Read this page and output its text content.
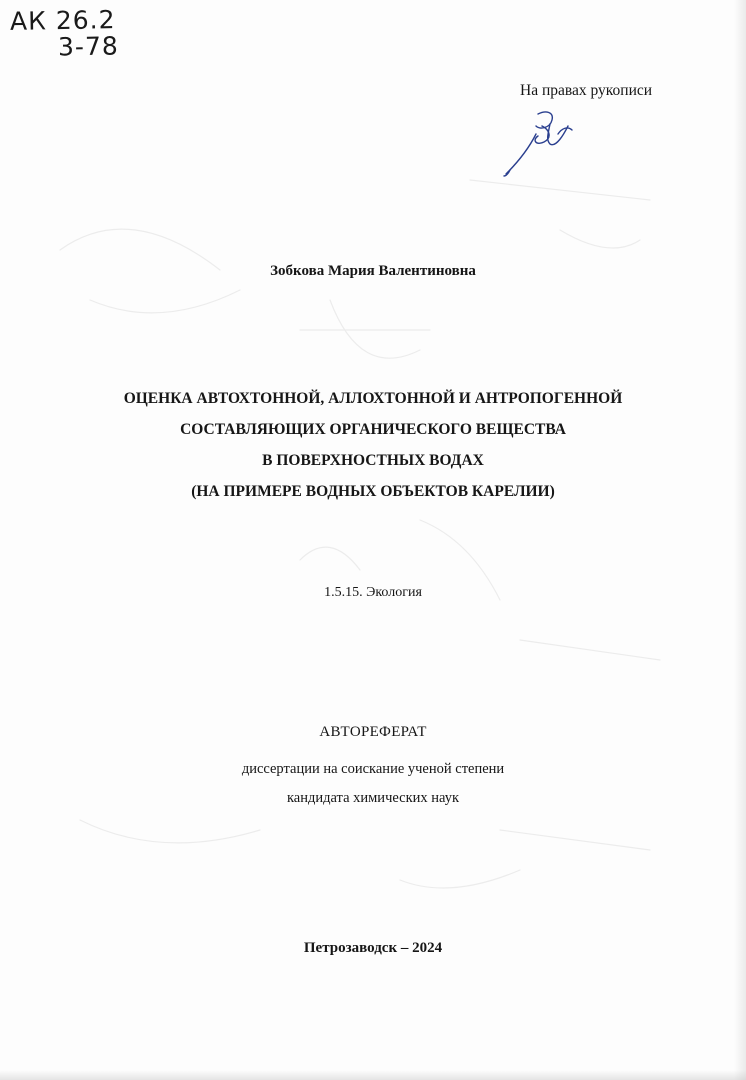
АК 26.2
3-78
На правах рукописи
Зобкова Мария Валентиновна
ОЦЕНКА АВТОХТОННОЙ, АЛЛОХТОННОЙ И АНТРОПОГЕННОЙ
СОСТАВЛЯЮЩИХ ОРГАНИЧЕСКОГО ВЕЩЕСТВА
В ПОВЕРХНОСТНЫХ ВОДАХ
(НА ПРИМЕРЕ ВОДНЫХ ОБЪЕКТОВ КАРЕЛИИ)
1.5.15. Экология
АВТОРЕФЕРАТ
диссертации на соискание ученой степени
кандидата химических наук
Петрозаводск – 2024
